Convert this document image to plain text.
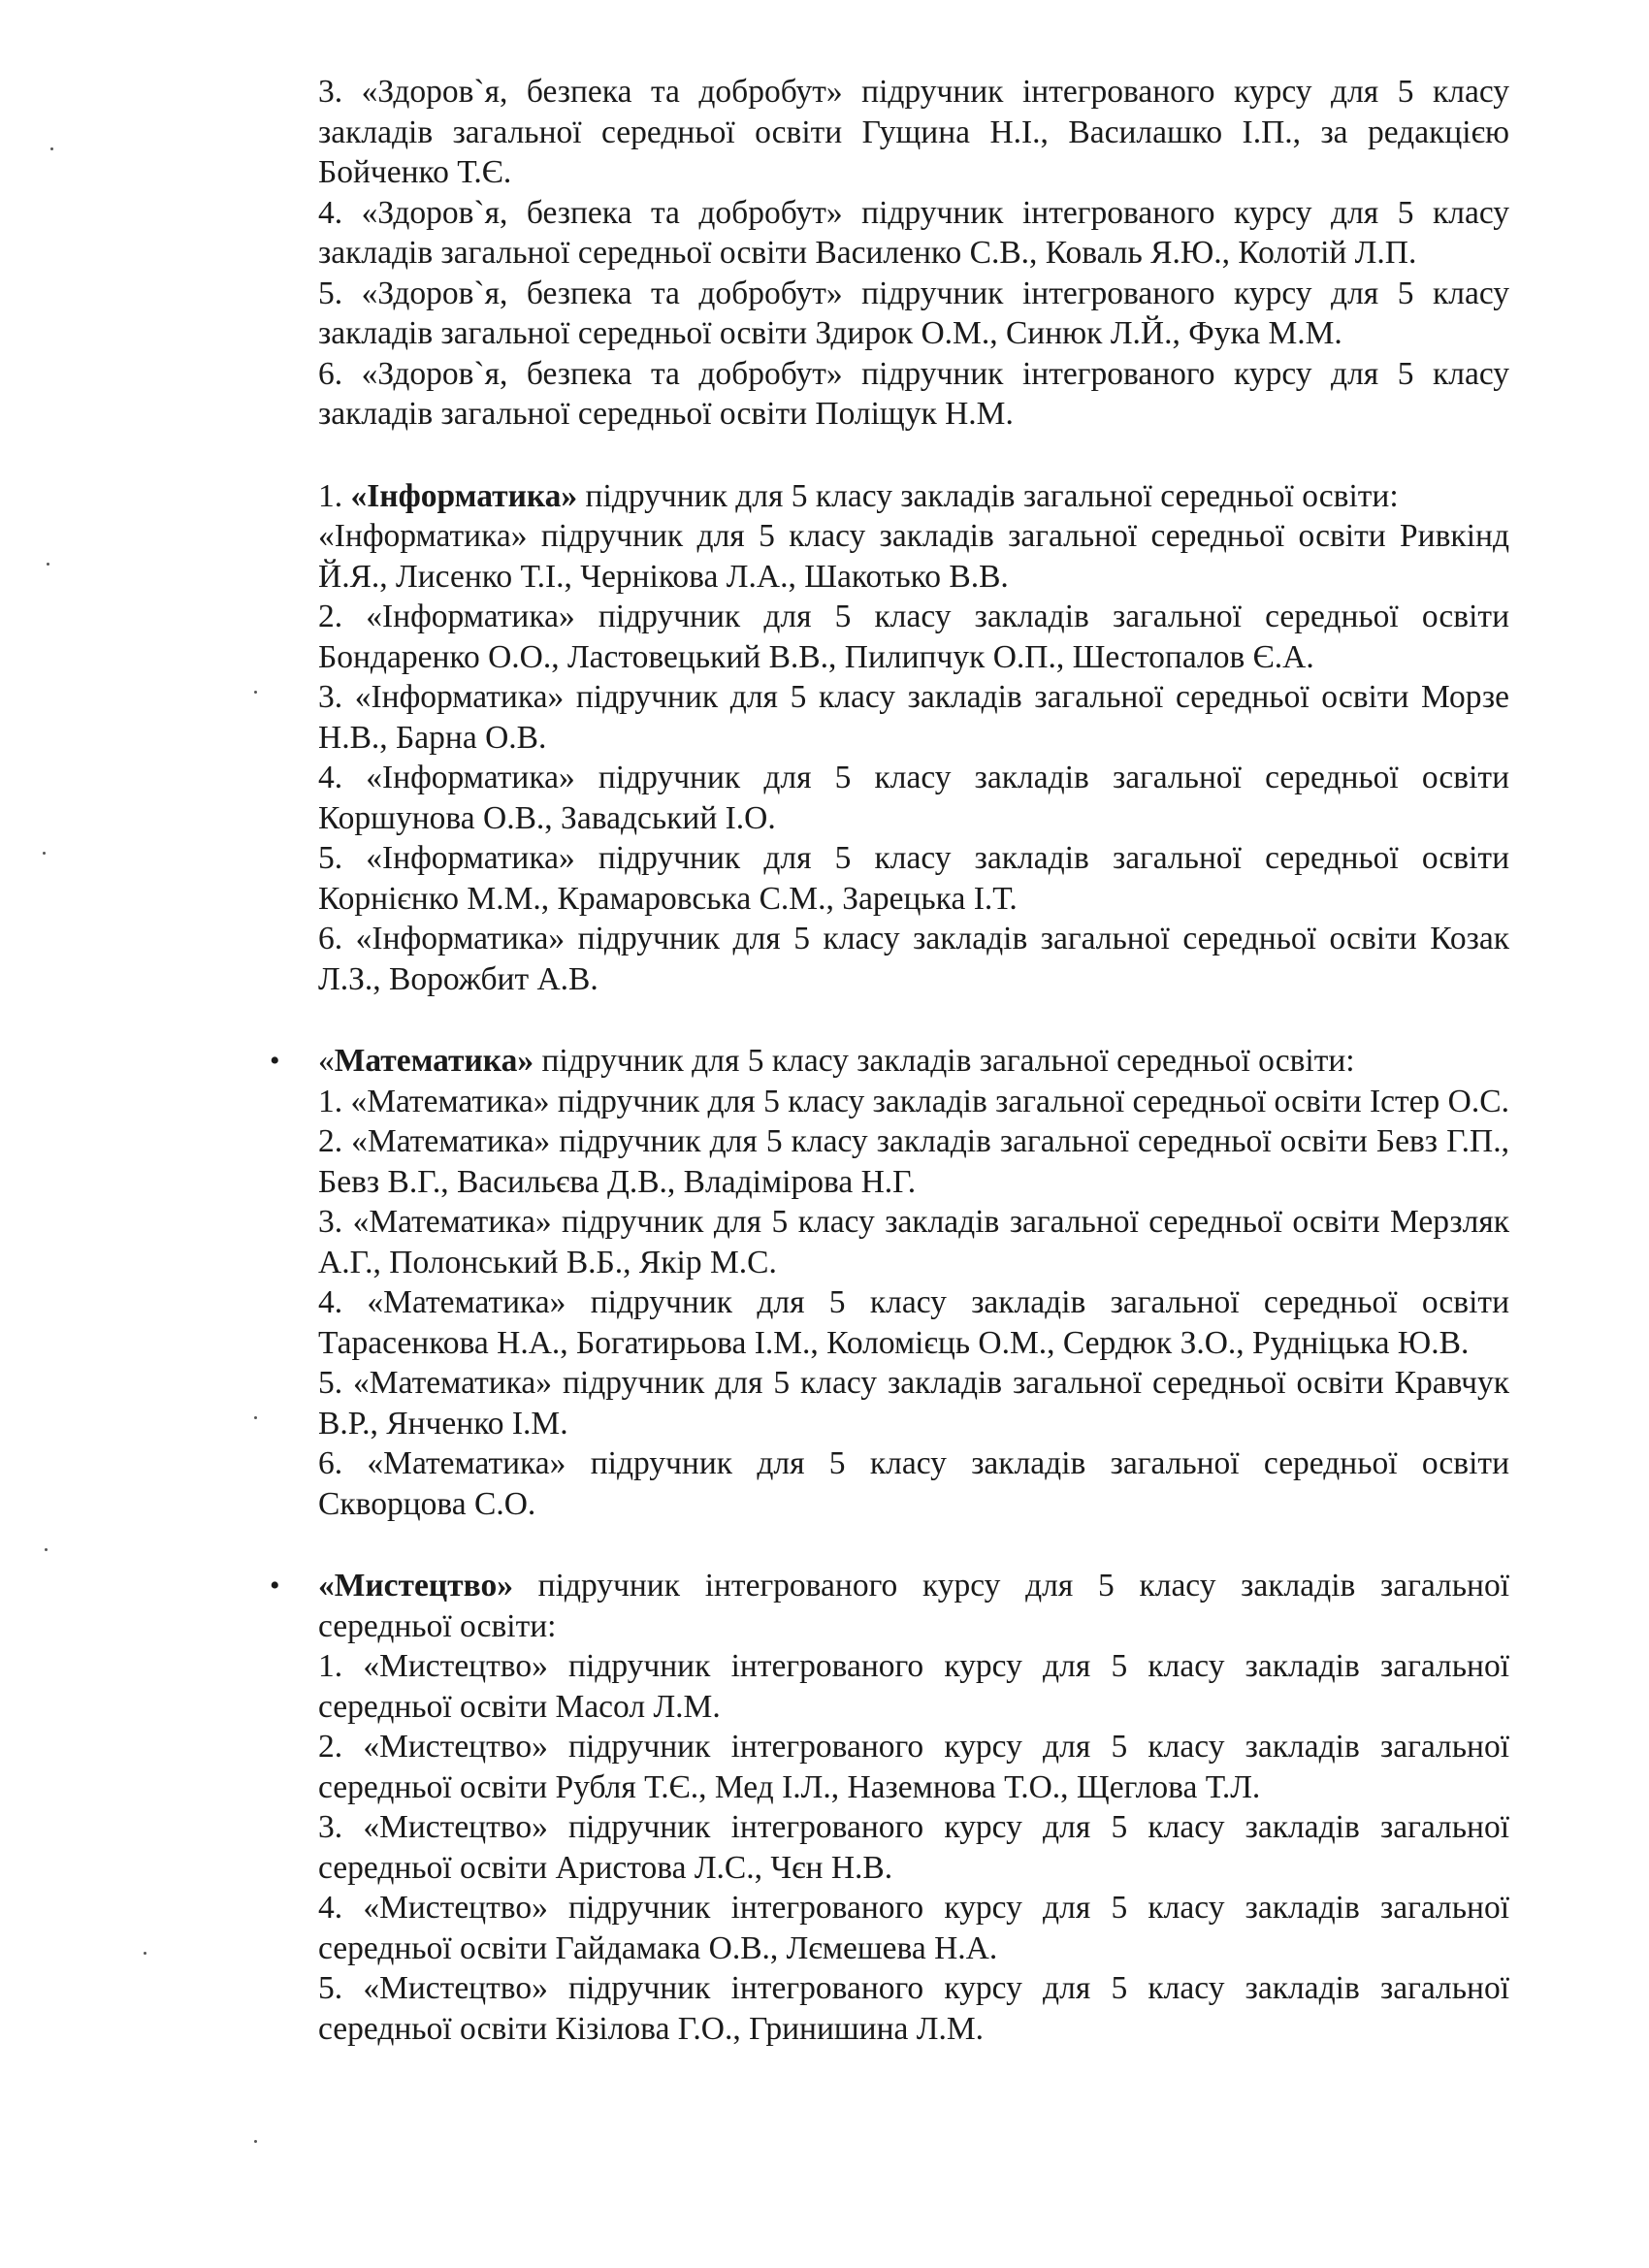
3. «Здоров`я, безпека та добробут» підручник інтегрованого курсу для 5 класу закладів загальної середньої освіти Гущина Н.І., Василашко І.П., за редакцією Бойченко Т.Є.

4. «Здоров`я, безпека та добробут» підручник інтегрованого курсу для 5 класу закладів загальної середньої освіти Василенко С.В., Коваль Я.Ю., Колотій Л.П.

5. «Здоров`я, безпека та добробут» підручник інтегрованого курсу для 5 класу закладів загальної середньої освіти Здирок О.М., Синюк Л.Й., Фука М.М.

6. «Здоров`я, безпека та добробут» підручник інтегрованого курсу для 5 класу закладів загальної середньої освіти Поліщук Н.М.

1. «Інформатика» підручник для 5 класу закладів загальної середньої освіти:

«Інформатика» підручник для 5 класу закладів загальної середньої освіти Ривкінд Й.Я., Лисенко Т.І., Чернікова Л.А., Шакотько В.В.

2. «Інформатика» підручник для 5 класу закладів загальної середньої освіти Бондаренко О.О., Ластовецький В.В., Пилипчук О.П., Шестопалов Є.А.

3. «Інформатика» підручник для 5 класу закладів загальної середньої освіти Морзе Н.В., Барна О.В.

4. «Інформатика» підручник для 5 класу закладів загальної середньої освіти Коршунова О.В., Завадський І.О.

5. «Інформатика» підручник для 5 класу закладів загальної середньої освіти Корнієнко М.М., Крамаровська С.М., Зарецька І.Т.

6. «Інформатика» підручник для 5 класу закладів загальної середньої освіти Козак Л.З., Ворожбит А.В.

• «Математика» підручник для 5 класу закладів загальної середньої освіти:

1. «Математика» підручник для 5 класу закладів загальної середньої освіти Істер О.С.

2. «Математика» підручник для 5 класу закладів загальної середньої освіти Бевз Г.П., Бевз В.Г., Васильєва Д.В., Владімірова Н.Г.

3. «Математика» підручник для 5 класу закладів загальної середньої освіти Мерзляк А.Г., Полонський В.Б., Якір М.С.

4. «Математика» підручник для 5 класу закладів загальної середньої освіти Тарасенкова Н.А., Богатирьова І.М., Коломієць О.М., Сердюк З.О., Рудніцька Ю.В.

5. «Математика» підручник для 5 класу закладів загальної середньої освіти Кравчук В.Р., Янченко І.М.

6. «Математика» підручник для 5 класу закладів загальної середньої освіти Скворцова С.О.

• «Мистецтво» підручник інтегрованого курсу для 5 класу закладів загальної середньої освіти:

1. «Мистецтво» підручник інтегрованого курсу для 5 класу закладів загальної середньої освіти Масол Л.М.

2. «Мистецтво» підручник інтегрованого курсу для 5 класу закладів загальної середньої освіти Рубля Т.Є., Мед І.Л., Наземнова Т.О., Щеглова Т.Л.

3. «Мистецтво» підручник інтегрованого курсу для 5 класу закладів загальної середньої освіти Аристова Л.С., Чєн Н.В.

4. «Мистецтво» підручник інтегрованого курсу для 5 класу закладів загальної середньої освіти Гайдамака О.В., Лємешева Н.А.

5. «Мистецтво» підручник інтегрованого курсу для 5 класу закладів загальної середньої освіти Кізілова Г.О., Гринишина Л.М.
